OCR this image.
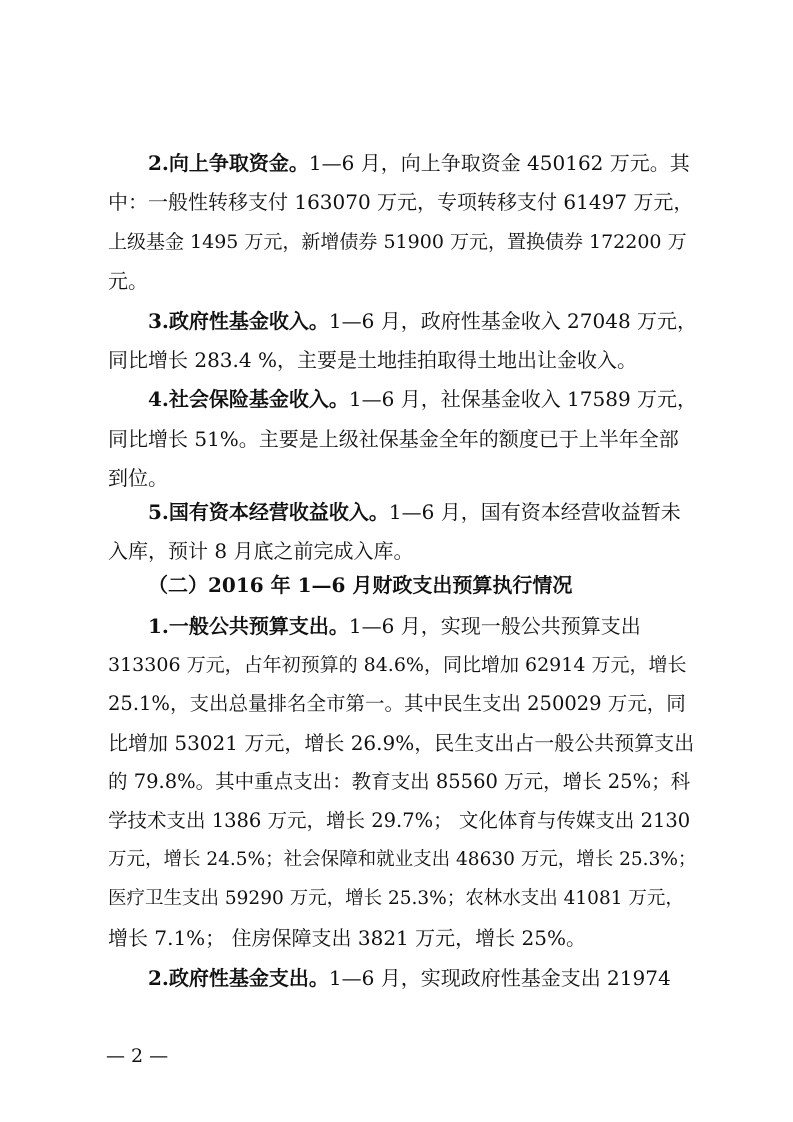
2.向上争取资金。1—6 月，向上争取资金 450162 万元。其
中：一般性转移支付 163070 万元，专项转移支付 61497 万元，
上级基金 1495 万元，新增债券 51900 万元，置换债券 172200 万
元。
3.政府性基金收入。1—6 月，政府性基金收入 27048 万元，
同比增长 283.4 %，主要是土地挂拍取得土地出让金收入。
4.社会保险基金收入。1—6 月，社保基金收入 17589 万元，
同比增长 51%。主要是上级社保基金全年的额度已于上半年全部
到位。
5.国有资本经营收益收入。1—6 月，国有资本经营收益暂未
入库，预计 8 月底之前完成入库。
（二）2016 年 1—6 月财政支出预算执行情况
1.一般公共预算支出。1—6 月，实现一般公共预算支出
313306 万元，占年初预算的 84.6%，同比增加 62914 万元，增长
25.1%，支出总量排名全市第一。其中民生支出 250029 万元，同
比增加 53021 万元，增长 26.9%，民生支出占一般公共预算支出
的 79.8%。其中重点支出：教育支出 85560 万元，增长 25%；科
学技术支出 1386 万元，增长 29.7%； 文化体育与传媒支出 2130
万元，增长 24.5%；社会保障和就业支出 48630 万元，增长 25.3%；
医疗卫生支出 59290 万元，增长 25.3%；农林水支出 41081 万元，
增长 7.1%； 住房保障支出 3821 万元，增长 25%。
2.政府性基金支出。1—6 月，实现政府性基金支出 21974
— 2 —
